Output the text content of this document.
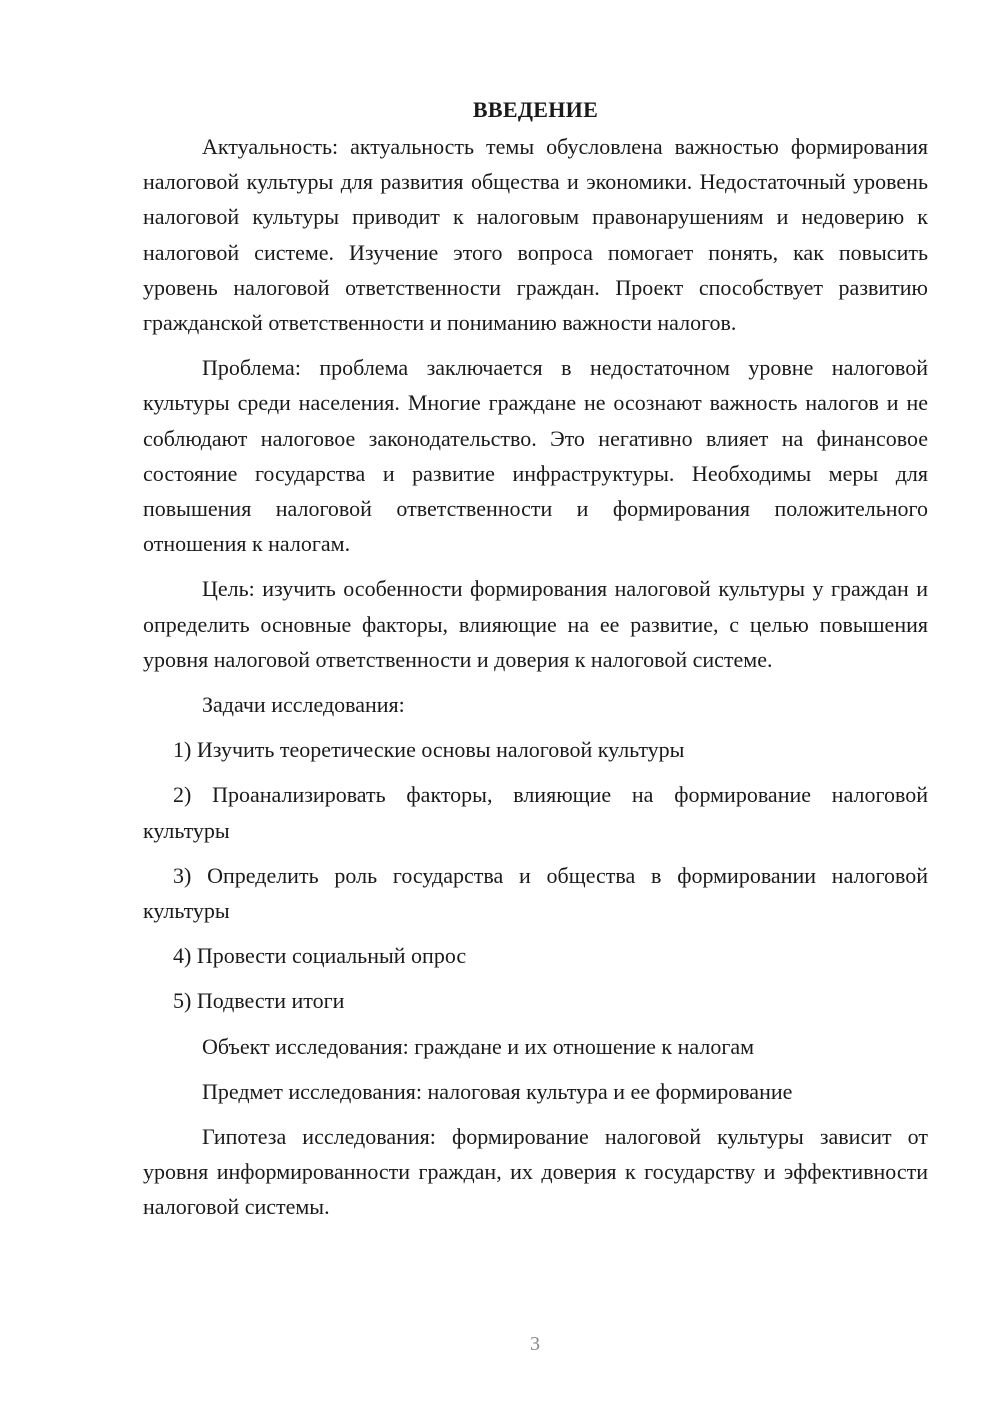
ВВЕДЕНИЕ

Актуальность: актуальность темы обусловлена важностью формирования налоговой культуры для развития общества и экономики. Недостаточный уровень налоговой культуры приводит к налоговым правонарушениям и недоверию к налоговой системе. Изучение этого вопроса помогает понять, как повысить уровень налоговой ответственности граждан. Проект способствует развитию гражданской ответственности и пониманию важности налогов.

Проблема: проблема заключается в недостаточном уровне налоговой культуры среди населения. Многие граждане не осознают важность налогов и не соблюдают налоговое законодательство. Это негативно влияет на финансовое состояние государства и развитие инфраструктуры. Необходимы меры для повышения налоговой ответственности и формирования положительного отношения к налогам.

Цель: изучить особенности формирования налоговой культуры у граждан и определить основные факторы, влияющие на ее развитие, с целью повышения уровня налоговой ответственности и доверия к налоговой системе.

Задачи исследования:

1) Изучить теоретические основы налоговой культуры

2) Проанализировать факторы, влияющие на формирование налоговой культуры

3) Определить роль государства и общества в формировании налоговой культуры

4) Провести социальный опрос

5) Подвести итоги

Объект исследования: граждане и их отношение к налогам

Предмет исследования: налоговая культура и ее формирование

Гипотеза исследования: формирование налоговой культуры зависит от уровня информированности граждан, их доверия к государству и эффективности налоговой системы.

3
